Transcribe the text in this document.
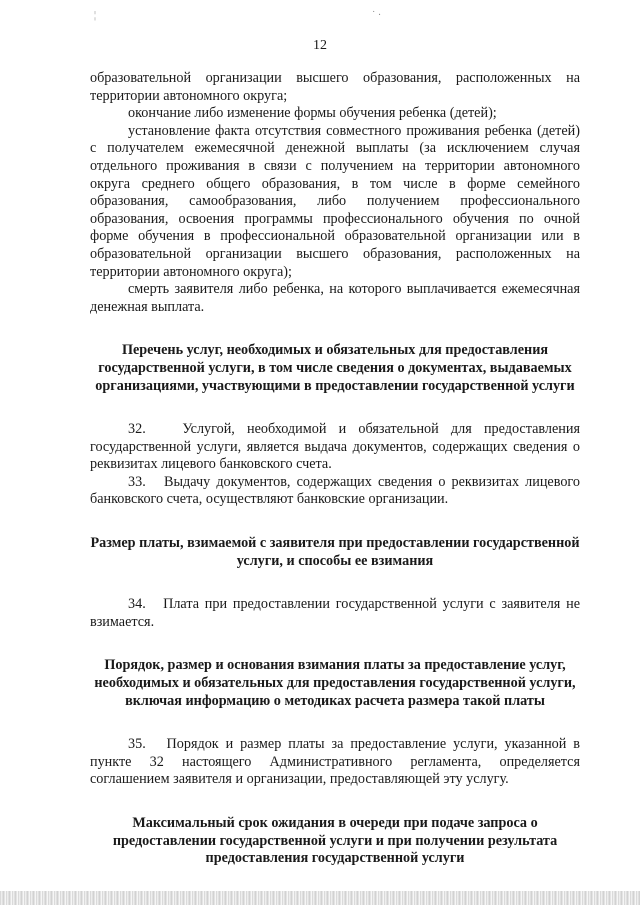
12

образовательной организации высшего образования, расположенных на территории автономного округа;

окончание либо изменение формы обучения ребенка (детей);

установление факта отсутствия совместного проживания ребенка (детей) с получателем ежемесячной денежной выплаты (за исключением случая отдельного проживания в связи с получением на территории автономного округа среднего общего образования, в том числе в форме семейного образования, самообразования, либо получением профессионального образования, освоения программы профессионального обучения по очной форме обучения в профессиональной образовательной организации или в образовательной организации высшего образования, расположенных на территории автономного округа);

смерть заявителя либо ребенка, на которого выплачивается ежемесячная денежная выплата.

Перечень услуг, необходимых и обязательных для предоставления государственной услуги, в том числе сведения о документах, выдаваемых организациями, участвующими в предоставлении государственной услуги

32.   Услугой, необходимой и обязательной для предоставления государственной услуги, является выдача документов, содержащих сведения о реквизитах лицевого банковского счета.

33.   Выдачу документов, содержащих сведения о реквизитах лицевого банковского счета, осуществляют банковские организации.

Размер платы, взимаемой с заявителя при предоставлении государственной услуги, и способы ее взимания

34.   Плата при предоставлении государственной услуги с заявителя не взимается.

Порядок, размер и основания взимания платы за предоставление услуг, необходимых и обязательных для предоставления государственной услуги, включая информацию о методиках расчета размера такой платы

35.   Порядок и размер платы за предоставление услуги, указанной в пункте 32 настоящего Административного регламента, определяется соглашением заявителя и организации, предоставляющей эту услугу.

Максимальный срок ожидания в очереди при подаче запроса о предоставлении государственной услуги и при получении результата предоставления государственной услуги

¦	˙ ·
